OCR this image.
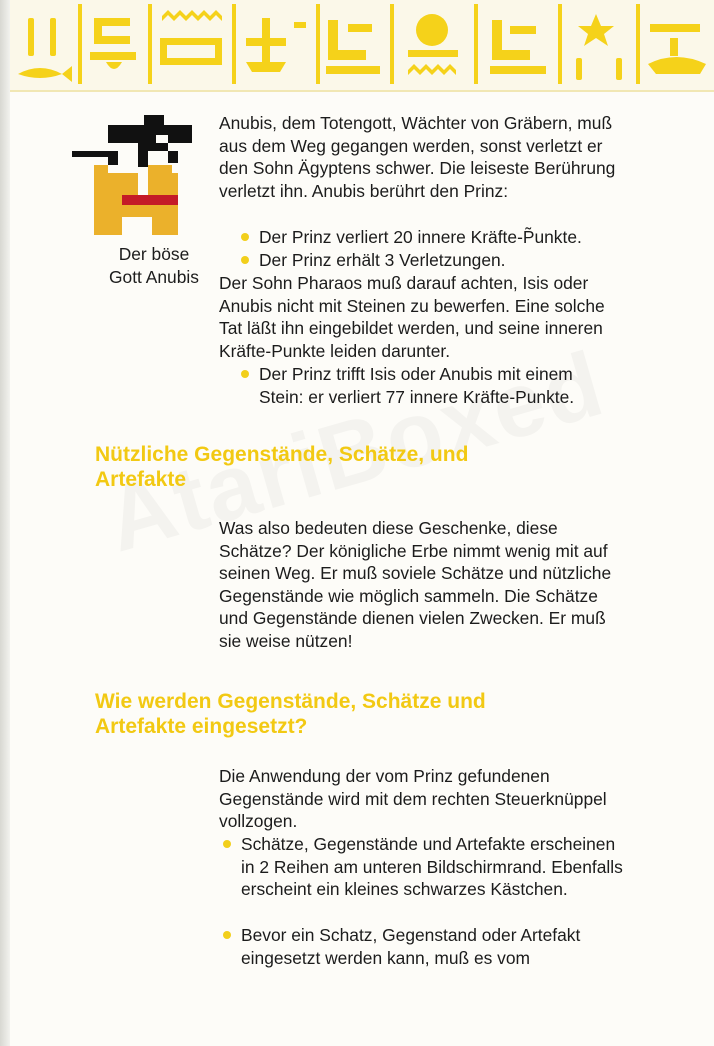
Der böse Gott Anubis

Anubis, dem Totengott, Wächter von Gräbern, muß aus dem Weg gegangen werden, sonst verletzt er den Sohn Ägyptens schwer. Die leiseste Berührung verletzt ihn. Anubis berührt den Prinz:

Der Prinz verliert 20 innere Kräfte-P̃unkte.
Der Prinz erhält 3 Verletzungen.

Der Sohn Pharaos muß darauf achten, Isis oder Anubis nicht mit Steinen zu bewerfen. Eine solche Tat läßt ihn eingebildet werden, und seine inneren Kräfte-Punkte leiden darunter.

Der Prinz trifft Isis oder Anubis mit einem Stein: er verliert 77 innere Kräfte-Punkte.
Nützliche Gegenstände, Schätze, und Artefakte

Was also bedeuten diese Geschenke, diese Schätze? Der königliche Erbe nimmt wenig mit auf seinen Weg. Er muß soviele Schätze und nützliche Gegenstände wie möglich sammeln. Die Schätze und Gegenstände dienen vielen Zwecken. Er muß sie weise nützen!

Wie werden Gegenstände, Schätze und Artefakte eingesetzt?

Die Anwendung der vom Prinz gefundenen Gegenstände wird mit dem rechten Steuerknüppel vollzogen.

Schätze, Gegenstände und Artefakte erscheinen in 2 Reihen am unteren Bildschirmrand. Ebenfalls erscheint ein kleines schwarzes Kästchen.
Bevor ein Schatz, Gegenstand oder Artefakt eingesetzt werden kann, muß es vom
